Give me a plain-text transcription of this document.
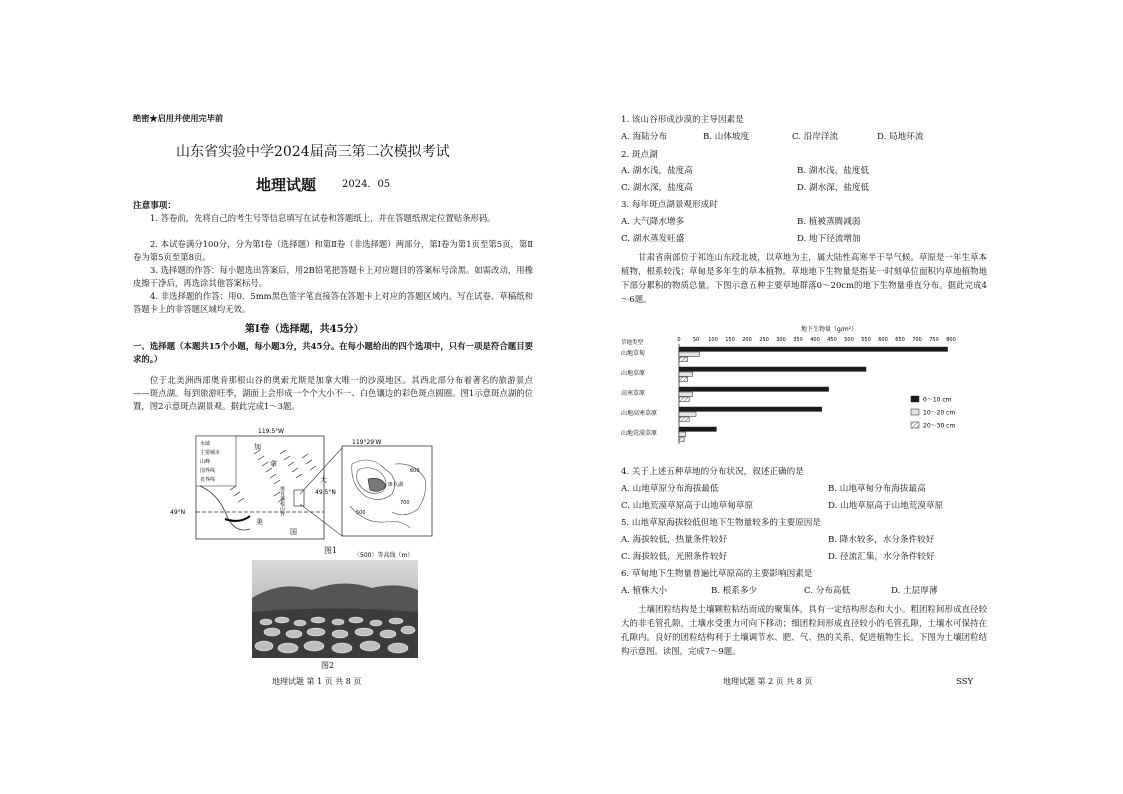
绝密★启用并使用完毕前
山东省实验中学2024届高三第二次模拟考试
地理试题	2024．05
注意事项：
1. 答卷前，先将自己的考生号等信息填写在试卷和答题纸上，并在答题纸规定位置贴条形码。
2. 本试卷满分100分，分为第Ⅰ卷（选择题）和第Ⅱ卷（非选择题）两部分，第Ⅰ卷为第1页至第5页，第Ⅱ卷为第5页至第8页。
3. 选择题的作答：每小题选出答案后，用2B铅笔把答题卡上对应题目的答案标号涂黑。如需改动，用橡皮擦干净后，再选涂其他答案标号。
4. 非选择题的作答：用0．5mm黑色签字笔直接答在答题卡上对应的答题区域内。写在试卷、草稿纸和答题卡上的非答题区域均无效。
第Ⅰ卷（选择题，共45分）
一、选择题（本题共15个小题，每小题3分，共45分。在每小题给出的四个选项中，只有一项是符合题目要求的。）
位于北美洲西部奥肯那根山谷的奥索尤斯是加拿大唯一的沙漠地区。其西北部分布着著名的旅游景点——斑点湖。每到旅游旺季，湖面上会形成一个个大小不一、白色镶边的彩色斑点圆圈。图1示意斑点湖的位置，图2示意斑点湖景观。据此完成1～3题。
水域
主要城市
山峰
国界线
省界线
119.5°W
49°N
119°29′W
49.5°N
加
拿
大
美
国
奥肯那根山谷
斑点湖
600
500
700
〈500〉等高线（m）
图1
图2
地理试题 第 1 页 共 8 页
1. 该山谷形成沙漠的主导因素是
A. 海陆分布	B. 山体坡度	C. 沿岸洋流	D. 局地环流
2. 斑点湖
A. 湖水浅，盐度高	B. 湖水浅，盐度低
C. 湖水深，盐度高	D. 湖水深，盐度低
3. 每年斑点湖景观形成时
A. 大气降水增多	B. 植被蒸腾减弱
C. 湖水蒸发旺盛	D. 地下径流增加
甘肃省南部位于祁连山东段北坡，以草地为主，属大陆性高寒半干旱气候。草原是一年生草本植物，根系较浅；草甸是多年生的草本植物。草地地下生物量是指某一时刻单位面积内草地植物地下部分累积的物质总量。下图示意五种主要草地群落0～20cm的地下生物量垂直分布。据此完成4～6题。
地下生物量（g/m²）
草地类型	0 50 100 150 200 250 300 350 400 450 500 550 600 650 700 750 800
山地草甸
山地草原
高寒草原
山地高寒草原
山地荒漠草原
0～10 cm
10～20 cm
20～30 cm
4. 关于上述五种草地的分布状况，叙述正确的是
A. 山地草原分布海拔最低	B. 山地草甸分布海拔最高
C. 山地荒漠草原高于山地草甸草原	D. 山地草原高于山地荒漠草原
5. 山地草原海拔较低但地下生物量较多的主要原因是
A. 海拔较低，热量条件较好	B. 降水较多，水分条件较好
C. 海拔较低，光照条件较好	D. 径流汇集，水分条件较好
6. 草甸地下生物量普遍比草原高的主要影响因素是
A. 植株大小	B. 根系多少	C. 分布高低	D. 土层厚薄
土壤团粒结构是土壤颗粒粘结而成的聚集体，具有一定结构形态和大小。粗团粒间形成直径较大的非毛管孔隙，土壤水受重力可向下移动；细团粒间形成直径较小的毛管孔隙，土壤水可保持在孔隙内。良好的团粒结构利于土壤调节水、肥、气、热的关系，促进植物生长。下图为土壤团粒结构示意图。读图，完成7～9题。
地理试题 第 2 页 共 8 页	SSY
